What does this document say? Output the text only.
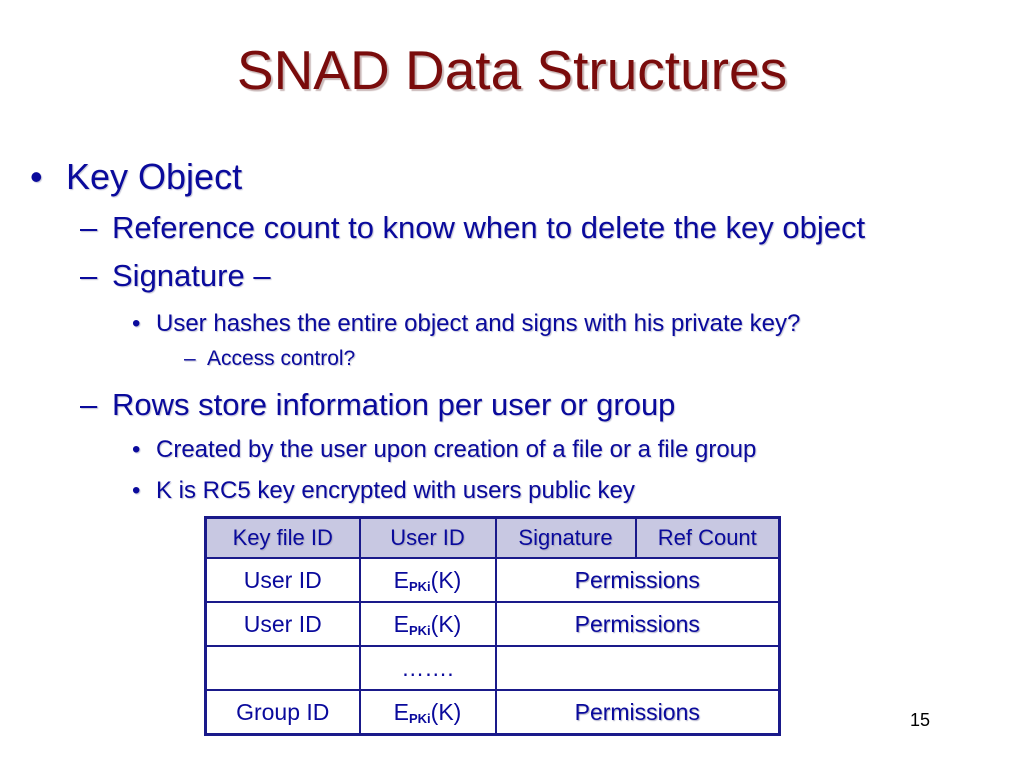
SNAD Data Structures
• Key Object
– Reference count to know when to delete the key object
– Signature –
• User hashes the entire object and signs with his private key?
– Access control?
– Rows store information per user or group
• Created by the user upon creation of a file or a file group
• K is RC5 key encrypted with users public key
Key file ID	User ID	Signature	Ref Count
User ID	$E_{PKi}(K)$	Permissions	
User ID	$E_{PKi}(K)$	Permissions	
	…….		
Group ID	$E_{PKi}(K)$	Permissions		15
